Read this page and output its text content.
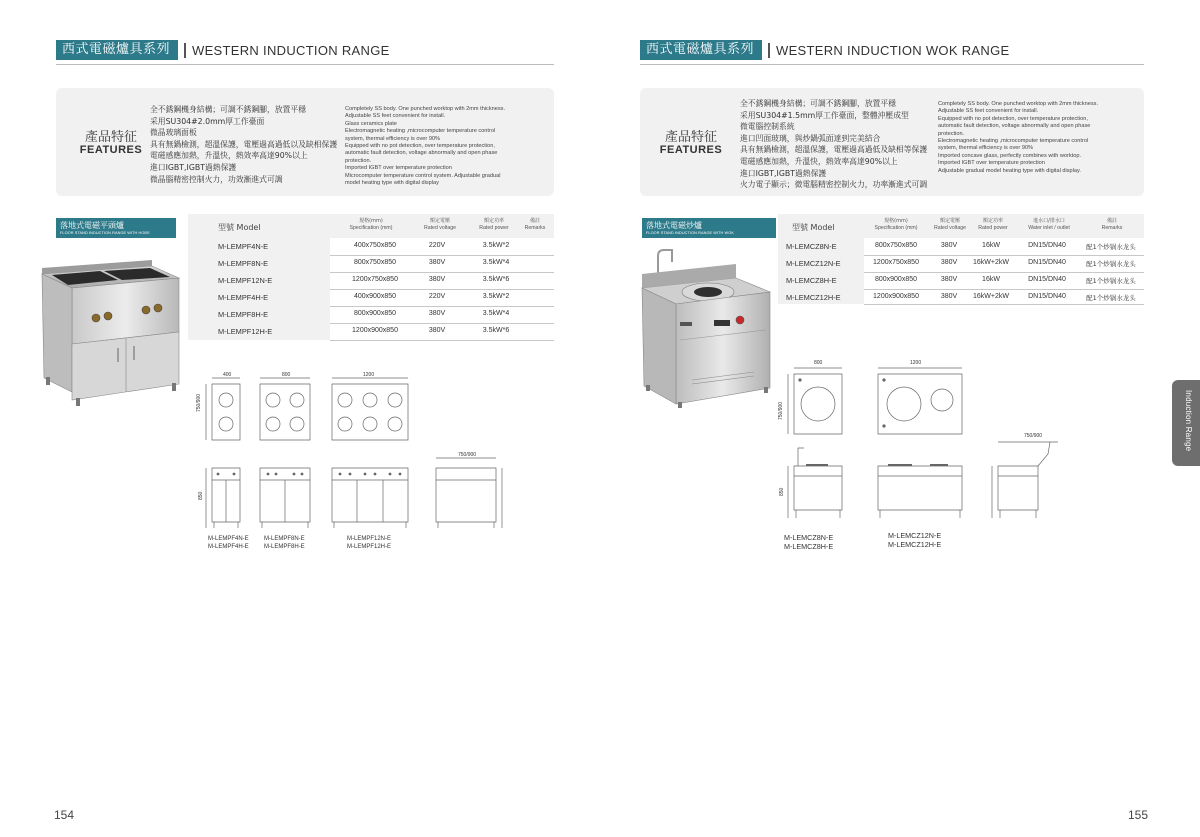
西式電磁爐具系列	WESTERN INDUCTION RANGE
產品特征
FEATURES
全不銹鋼機身結構；可調不銹鋼腳，放置平穩
采用SU304#2.0mm厚工作臺面
微晶玻璃面板
具有無鍋檢測，超溫保護，電壓過高過低以及缺相保護
電磁感應加熱，升溫快，熱效率高達90%以上
進口IGBT,IGBT過熱保護
微晶腦精密控制火力，功效漸進式可調
Completely SS body. One punched worktop with 2mm thickness.
Adjustable SS feet convenient for install.
Glass ceramics plate
Electromagnetic heating ,microcomputer temperature control
system, thermal efficiency is over 90%
Equipped with no pot detection, over temperature protection,
automatic fault detection, voltage abnormally and open phase
protection.
Imported IGBT over temperature protection
Microcomputer temperature control system. Adjustable gradual
model heating type with digital display
落地式電磁平頭爐
FLOOR STAND INDUCTION RANGE WITH HOBS
型號 Model
規格(mm)
Specification (mm)
額定電壓
Rated voltage
額定功率
Rated power
備註
Remarks
M-LEMPF4N-E	400x750x850	220V	3.5kW*2
M-LEMPF8N-E	800x750x850	380V	3.5kW*4
M-LEMPF12N-E	1200x750x850	380V	3.5kW*6
M-LEMPF4H-E	400x900x850	220V	3.5kW*2
M-LEMPF8H-E	800x900x850	380V	3.5kW*4
M-LEMPF12H-E	1200x900x850	380V	3.5kW*6
400	800	1200
750/900
850
750/900
M-LEMPF4N-E
M-LEMPF4H-E
M-LEMPF8N-E
M-LEMPF8H-E
M-LEMPF12N-E
M-LEMPF12H-E
154
西式電磁爐具系列	WESTERN INDUCTION WOK RANGE
產品特征
FEATURES
全不銹鋼機身結構；可調不銹鋼腳，放置平穩
采用SU304#1.5mm厚工作臺面，整體沖壓成型
微電腦控制系統
進口凹面玻璃，與炒鍋弧面達到完美結合
具有無鍋檢測，超溫保護，電壓過高過低及缺相等保護
電磁感應加熱，升溫快，熱效率高達90%以上
進口IGBT,IGBT過熱保護
火力電子顯示；微電腦精密控制火力，功率漸進式可調
Completely SS body. One punched worktop with 2mm thickness.
Adjustable SS feet convenient for install.
Equipped with no pot detection, over temperature protection,
automatic fault detection, voltage abnormally and open phase
protection.
Electromagnetic heating ,microcomputer temperature control
system, thermal efficiency is over 90%
Imported concave glass, perfectly combines with worktop.
Imported IGBT over temperature protection
Adjustable gradual model heating type with digital display.
落地式電磁炒爐
FLOOR STAND INDUCTION RANGE WITH WOK
型號 Model
規格(mm)
Specification (mm)
額定電壓
Rated voltage
額定功率
Rated power
進水口/排水口
Water inlet / outlet
備註
Remarks
M-LEMCZ8N-E	800x750x850	380V	16kW	DN15/DN40	配1个炒锅水龙头
M-LEMCZ12N-E	1200x750x850	380V	16kW+2kW	DN15/DN40	配1个炒锅水龙头
M-LEMCZ8H-E	800x900x850	380V	16kW	DN15/DN40	配1个炒锅水龙头
M-LEMCZ12H-E	1200x900x850	380V	16kW+2kW	DN15/DN40	配1个炒锅水龙头
800	1200
750/900
850
750/900
M-LEMCZ8N-E
M-LEMCZ8H-E
M-LEMCZ12N-E
M-LEMCZ12H-E
Induction Range
155
